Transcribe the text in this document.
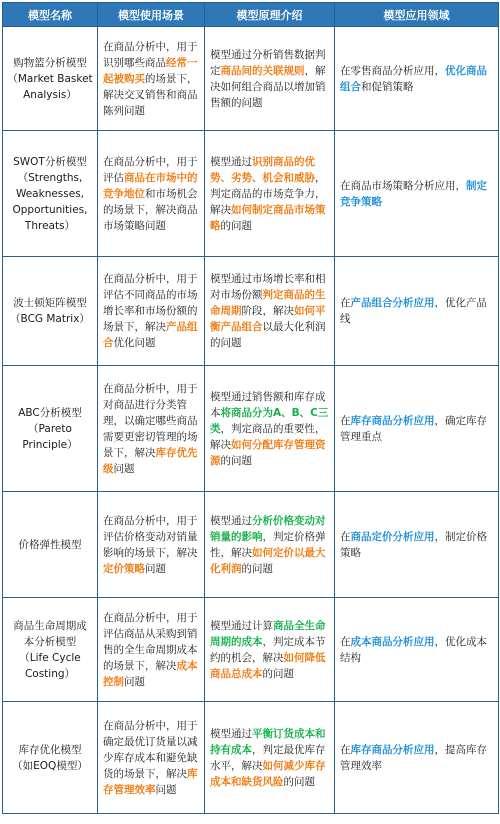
模型名称	模型使用场景	模型原理介绍	模型应用领域

购物篮分析模型
（Market Basket
Analysis）	在商品分析中，用于识别哪些商品经常一起被购买的场景下，解决交叉销售和商品陈列问题	模型通过分析销售数据判定商品间的关联规则，解决如何组合商品以增加销售额的问题	在零售商品分析应用，优化商品组合和促销策略

SWOT分析模型
（Strengths,
Weaknesses,
Opportunities,
Threats）	在商品分析中，用于评估商品在市场中的竞争地位和市场机会的场景下，解决商品市场策略问题	模型通过识别商品的优势、劣势、机会和威胁，判定商品的市场竞争力，解决如何制定商品市场策略的问题	在商品市场策略分析应用，制定竞争策略

波士顿矩阵模型
（BCG Matrix）	在商品分析中，用于评估不同商品的市场增长率和市场份额的场景下，解决产品组合优化问题	模型通过市场增长率和相对市场份额判定商品的生命周期阶段，解决如何平衡产品组合以最大化利润的问题	在产品组合分析应用，优化产品线

ABC分析模型
（Pareto
Principle）	在商品分析中，用于对商品进行分类管理，以确定哪些商品需要更密切管理的场景下，解决库存优先级问题	模型通过销售额和库存成本将商品分为A、B、C三类，判定商品的重要性，解决如何分配库存管理资源的问题	在库存商品分析应用，确定库存管理重点

价格弹性模型	在商品分析中，用于评估价格变动对销量影响的场景下，解决定价策略问题	模型通过分析价格变动对销量的影响，判定价格弹性，解决如何定价以最大化利润的问题	在商品定价分析应用，制定价格策略

商品生命周期成
本分析模型
（Life Cycle
Costing）	在商品分析中，用于评估商品从采购到销售的全生命周期成本的场景下，解决成本控制问题	模型通过计算商品全生命周期的成本，判定成本节约的机会，解决如何降低商品总成本的问题	在成本商品分析应用，优化成本结构

库存优化模型
（如EOQ模型）	在商品分析中，用于确定最优订货量以减少库存成本和避免缺货的场景下，解决库存管理效率问题	模型通过平衡订货成本和持有成本，判定最优库存水平，解决如何减少库存成本和缺货风险的问题	在库存商品分析应用，提高库存管理效率
